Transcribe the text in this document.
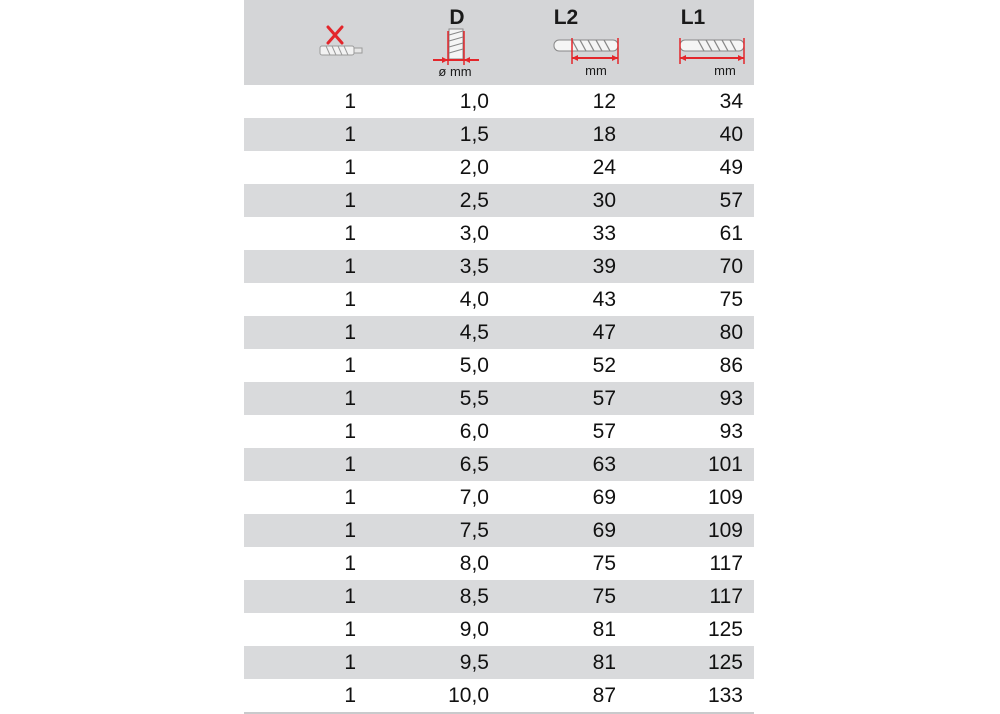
D
ø mm
L2
mm
L1
mm
1	1,0	12	34
1	1,5	18	40
1	2,0	24	49
1	2,5	30	57
1	3,0	33	61
1	3,5	39	70
1	4,0	43	75
1	4,5	47	80
1	5,0	52	86
1	5,5	57	93
1	6,0	57	93
1	6,5	63	101
1	7,0	69	109
1	7,5	69	109
1	8,0	75	117
1	8,5	75	117
1	9,0	81	125
1	9,5	81	125
1	10,0	87	133
